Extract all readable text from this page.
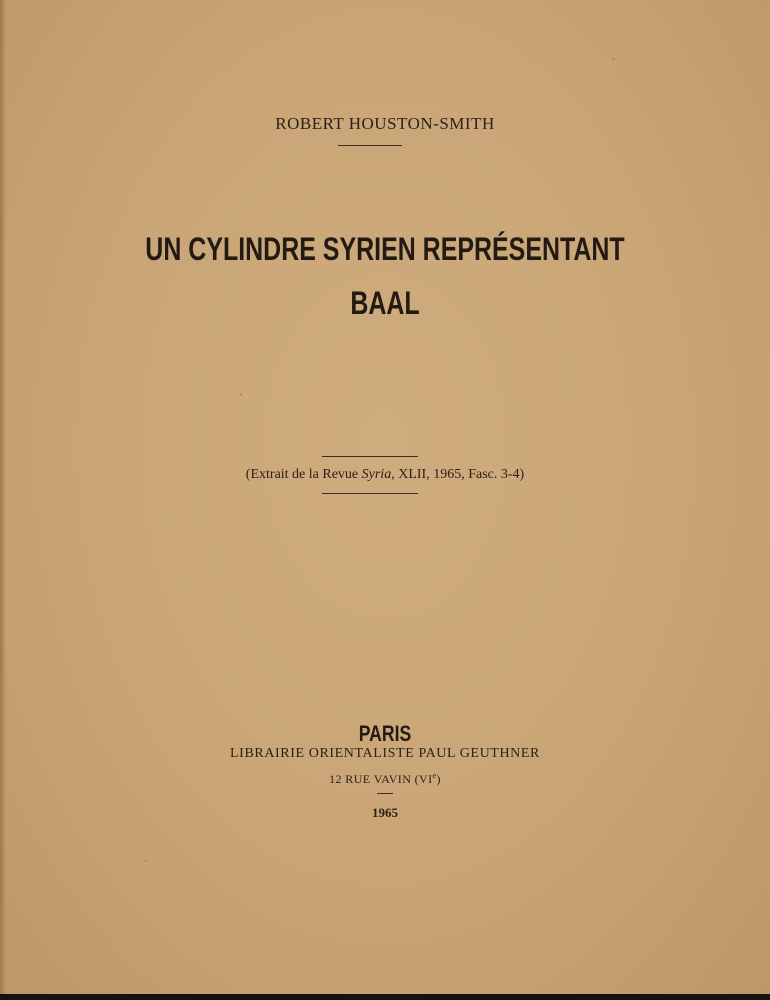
ROBERT HOUSTON-SMITH
UN CYLINDRE SYRIEN REPRÉSENTANT
BAAL
(Extrait de la Revue Syria, XLII, 1965, Fasc. 3-4)
PARIS
LIBRAIRIE ORIENTALISTE PAUL GEUTHNER
12 RUE VAVIN (VIe)
1965
